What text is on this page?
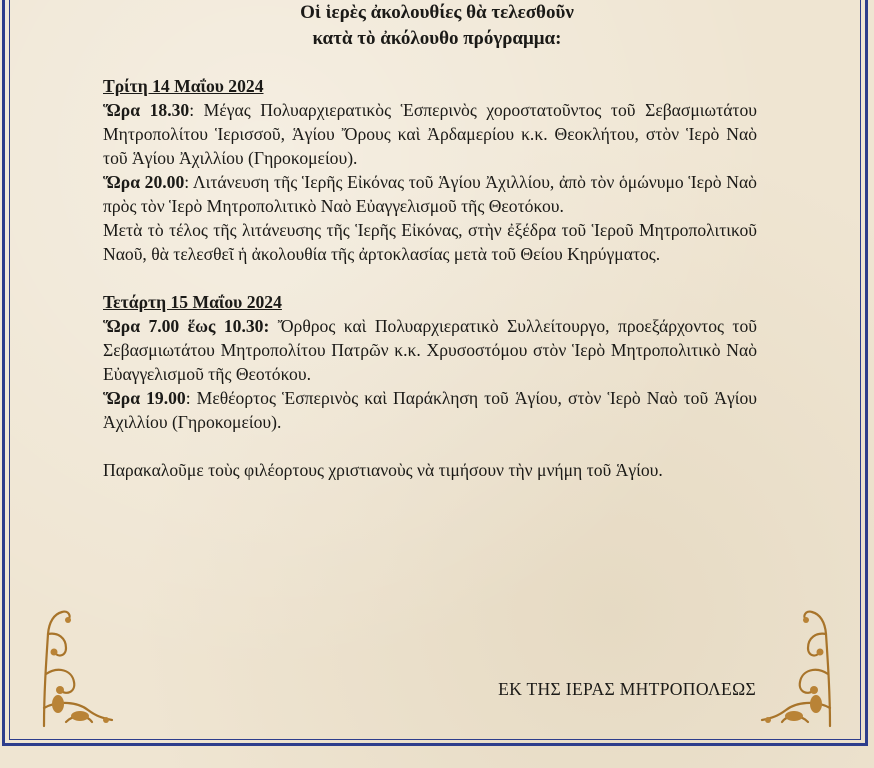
Οἱ ἱερὲς ἀκολουθίες θὰ τελεσθοῦν
κατὰ τὸ ἀκόλουθο πρόγραμμα:

Τρίτη 14 Μαΐου 2024

Ὥρα 18.30: Μέγας Πολυαρχιερατικὸς Ἑσπερινὸς χοροστατοῦντος τοῦ Σεβασμιωτάτου Μητροπολίτου Ἱερισσοῦ, Ἁγίου Ὄρους καὶ Ἀρδαμερίου κ.κ. Θεοκλήτου, στὸν Ἱερὸ Ναὸ τοῦ Ἁγίου Ἀχιλλίου (Γηροκομείου).

Ὥρα 20.00: Λιτάνευση τῆς Ἱερῆς Εἰκόνας τοῦ Ἁγίου Ἀχιλλίου, ἀπὸ τὸν ὁμώνυμο Ἱερὸ Ναὸ πρὸς τὸν Ἱερὸ Μητροπολιτικὸ Ναὸ Εὐαγγελισμοῦ τῆς Θεοτόκου.

Μετὰ τὸ τέλος τῆς λιτάνευσης τῆς Ἱερῆς Εἰκόνας, στὴν ἐξέδρα τοῦ Ἱεροῦ Μητροπολιτικοῦ Ναοῦ, θὰ τελεσθεῖ ἡ ἀκολουθία τῆς ἀρτοκλασίας μετὰ τοῦ Θείου Κηρύγματος.

Τετάρτη 15 Μαΐου 2024

Ὥρα 7.00 ἕως 10.30: Ὄρθρος καὶ Πολυαρχιερατικὸ Συλλείτουργο, προεξάρχοντος τοῦ Σεβασμιωτάτου Μητροπολίτου Πατρῶν κ.κ. Χρυσοστόμου στὸν Ἱερὸ Μητροπολιτικὸ Ναὸ Εὐαγγελισμοῦ τῆς Θεοτόκου.

Ὥρα 19.00: Μεθέορτος Ἑσπερινὸς καὶ Παράκληση τοῦ Ἁγίου, στὸν Ἱερὸ Ναὸ τοῦ Ἁγίου Ἀχιλλίου (Γηροκομείου).

Παρακαλοῦμε τοὺς φιλέορτους χριστιανοὺς νὰ τιμήσουν τὴν μνήμη τοῦ Ἁγίου.

ΕΚ ΤΗΣ ΙΕΡΑΣ ΜΗΤΡΟΠΟΛΕΩΣ
